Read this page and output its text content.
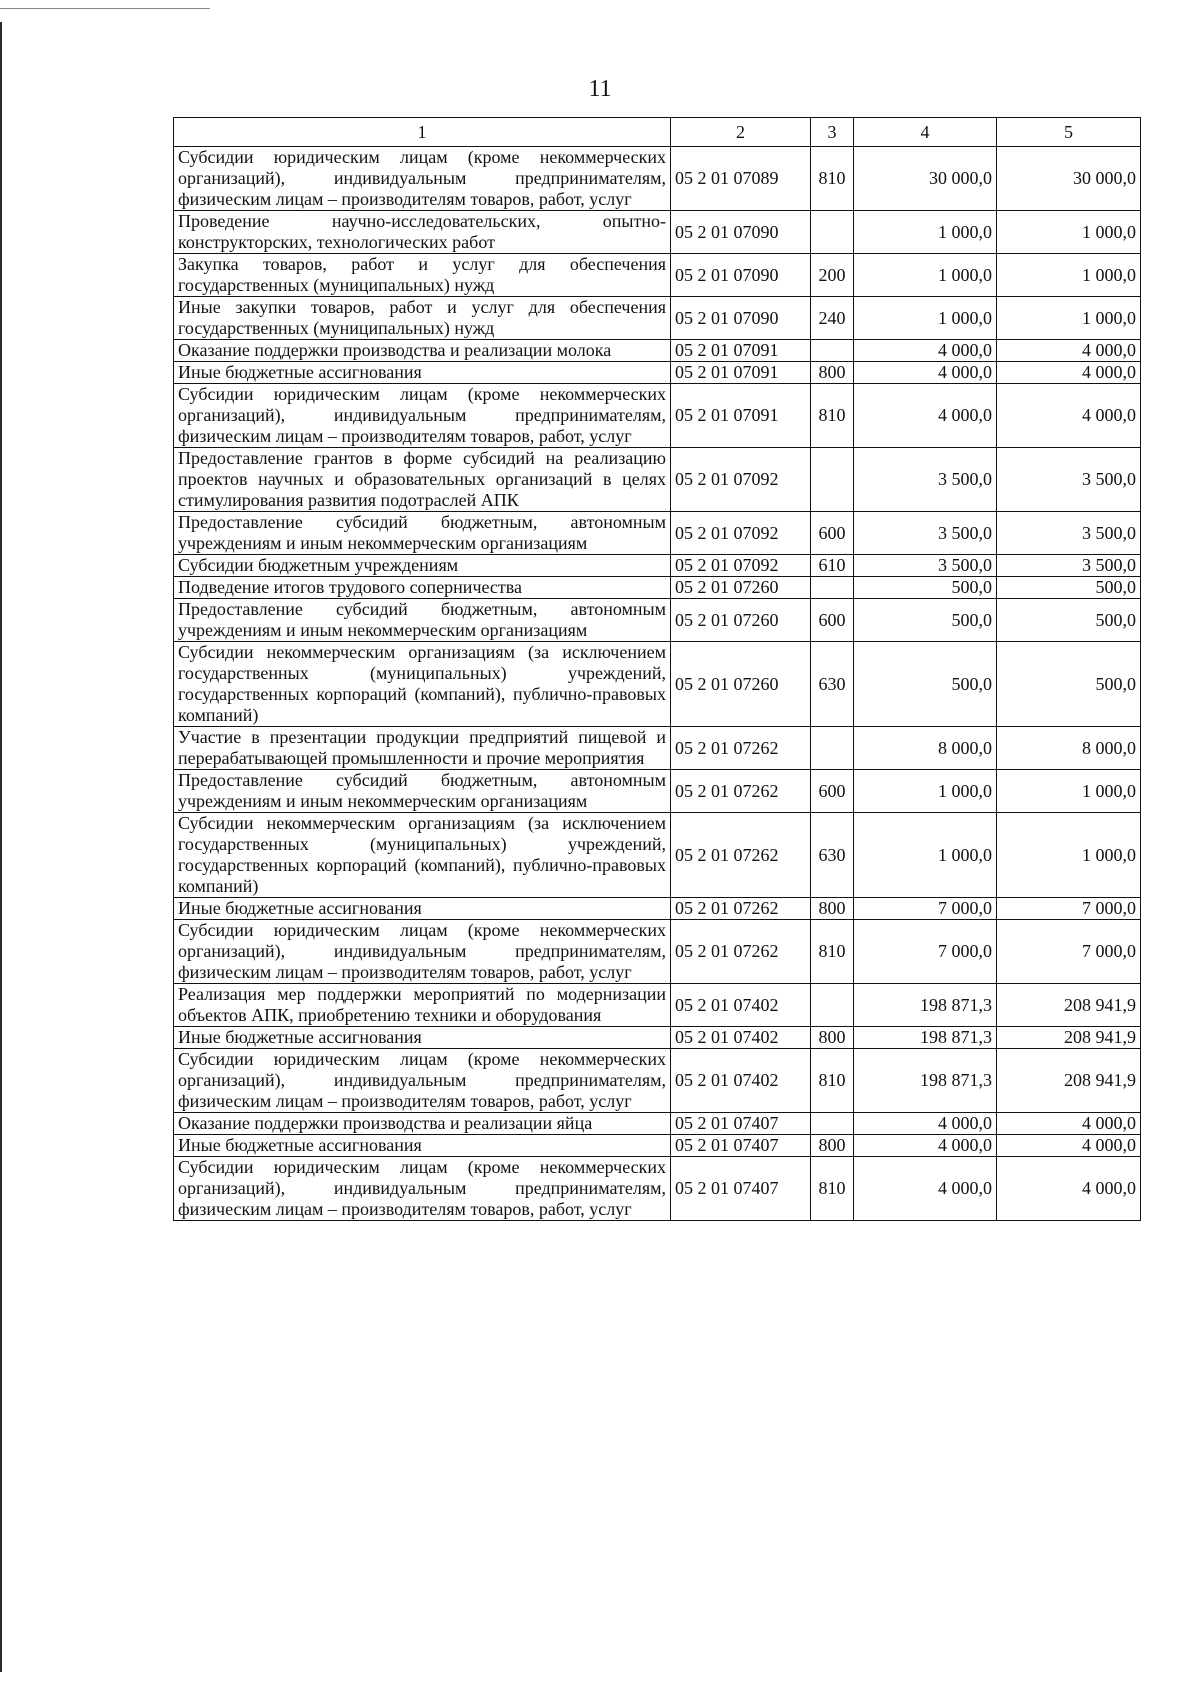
11
1	2	3	4	5
Субсидии юридическим лицам (кроме некоммерческих организаций), индивидуальным предпринимателям, физическим лицам – производителям товаров, работ, услуг	05 2 01 07089	810	30 000,0	30 000,0
Проведение научно-исследовательских, опытно-конструкторских, технологических работ	05 2 01 07090		1 000,0	1 000,0
Закупка товаров, работ и услуг для обеспечения государственных (муниципальных) нужд	05 2 01 07090	200	1 000,0	1 000,0
Иные закупки товаров, работ и услуг для обеспечения государственных (муниципальных) нужд	05 2 01 07090	240	1 000,0	1 000,0
Оказание поддержки производства и реализации молока	05 2 01 07091		4 000,0	4 000,0
Иные бюджетные ассигнования	05 2 01 07091	800	4 000,0	4 000,0
Субсидии юридическим лицам (кроме некоммерческих организаций), индивидуальным предпринимателям, физическим лицам – производителям товаров, работ, услуг	05 2 01 07091	810	4 000,0	4 000,0
Предоставление грантов в форме субсидий на реализацию проектов научных и образовательных организаций в целях стимулирования развития подотраслей АПК	05 2 01 07092		3 500,0	3 500,0
Предоставление субсидий бюджетным, автономным учреждениям и иным некоммерческим организациям	05 2 01 07092	600	3 500,0	3 500,0
Субсидии бюджетным учреждениям	05 2 01 07092	610	3 500,0	3 500,0
Подведение итогов трудового соперничества	05 2 01 07260		500,0	500,0
Предоставление субсидий бюджетным, автономным учреждениям и иным некоммерческим организациям	05 2 01 07260	600	500,0	500,0
Субсидии некоммерческим организациям (за исключением государственных (муниципальных) учреждений, государственных корпораций (компаний), публично-правовых компаний)	05 2 01 07260	630	500,0	500,0
Участие в презентации продукции предприятий пищевой и перерабатывающей промышленности и прочие мероприятия	05 2 01 07262		8 000,0	8 000,0
Предоставление субсидий бюджетным, автономным учреждениям и иным некоммерческим организациям	05 2 01 07262	600	1 000,0	1 000,0
Субсидии некоммерческим организациям (за исключением государственных (муниципальных) учреждений, государственных корпораций (компаний), публично-правовых компаний)	05 2 01 07262	630	1 000,0	1 000,0
Иные бюджетные ассигнования	05 2 01 07262	800	7 000,0	7 000,0
Субсидии юридическим лицам (кроме некоммерческих организаций), индивидуальным предпринимателям, физическим лицам – производителям товаров, работ, услуг	05 2 01 07262	810	7 000,0	7 000,0
Реализация мер поддержки мероприятий по модернизации объектов АПК, приобретению техники и оборудования	05 2 01 07402		198 871,3	208 941,9
Иные бюджетные ассигнования	05 2 01 07402	800	198 871,3	208 941,9
Субсидии юридическим лицам (кроме некоммерческих организаций), индивидуальным предпринимателям, физическим лицам – производителям товаров, работ, услуг	05 2 01 07402	810	198 871,3	208 941,9
Оказание поддержки производства и реализации яйца	05 2 01 07407		4 000,0	4 000,0
Иные бюджетные ассигнования	05 2 01 07407	800	4 000,0	4 000,0
Субсидии юридическим лицам (кроме некоммерческих организаций), индивидуальным предпринимателям, физическим лицам – производителям товаров, работ, услуг	05 2 01 07407	810	4 000,0	4 000,0
